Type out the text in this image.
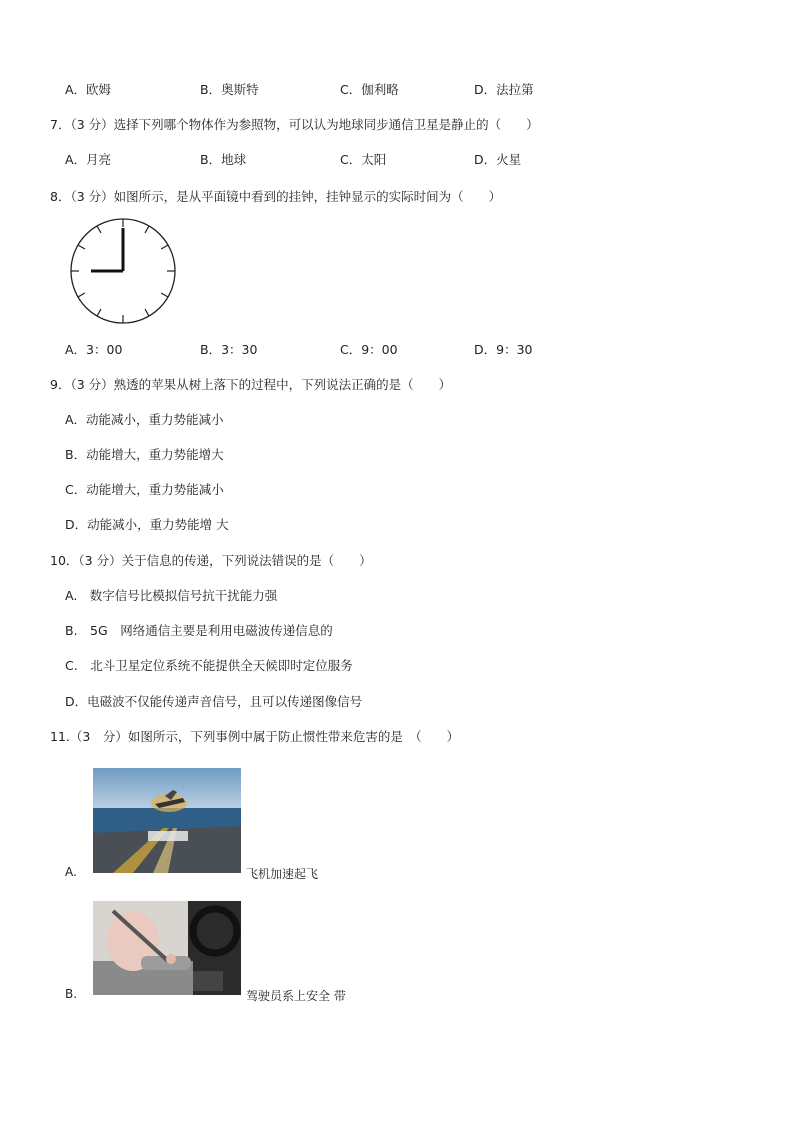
A．欧姆	B．奥斯特	C．伽利略	D．法拉第
7．（3 分）选择下列哪个物体作为参照物，可以认为地球同步通信卫星是静止的（　　）
A．月亮	B．地球	C．太阳	D．火星
8．（3 分）如图所示，是从平面镜中看到的挂钟，挂钟显示的实际时间为（　　）
A．3：00	B．3：30	C．9：00	D．9：30
9．（3 分）熟透的苹果从树上落下的过程中，下列说法正确的是（　　）
A．动能减小，重力势能减小
B．动能增大，重力势能增大
C．动能增大，重力势能减小
D．动能减小，重力势能增 大
10．（3 分）关于信息的传递，下列说法错误的是（　　）
A.　数字信号比模拟信号抗干扰能力强
B.　5G　网络通信主要是利用电磁波传递信息的
C.　北斗卫星定位系统不能提供全天候即时定位服务
D．电磁波不仅能传递声音信号，且可以传递图像信号
11.（3　分）如图所示，下列事例中属于防止惯性带来危害的是　（　　）
A.	飞机加速起飞
B.	驾驶员系上安全 带
